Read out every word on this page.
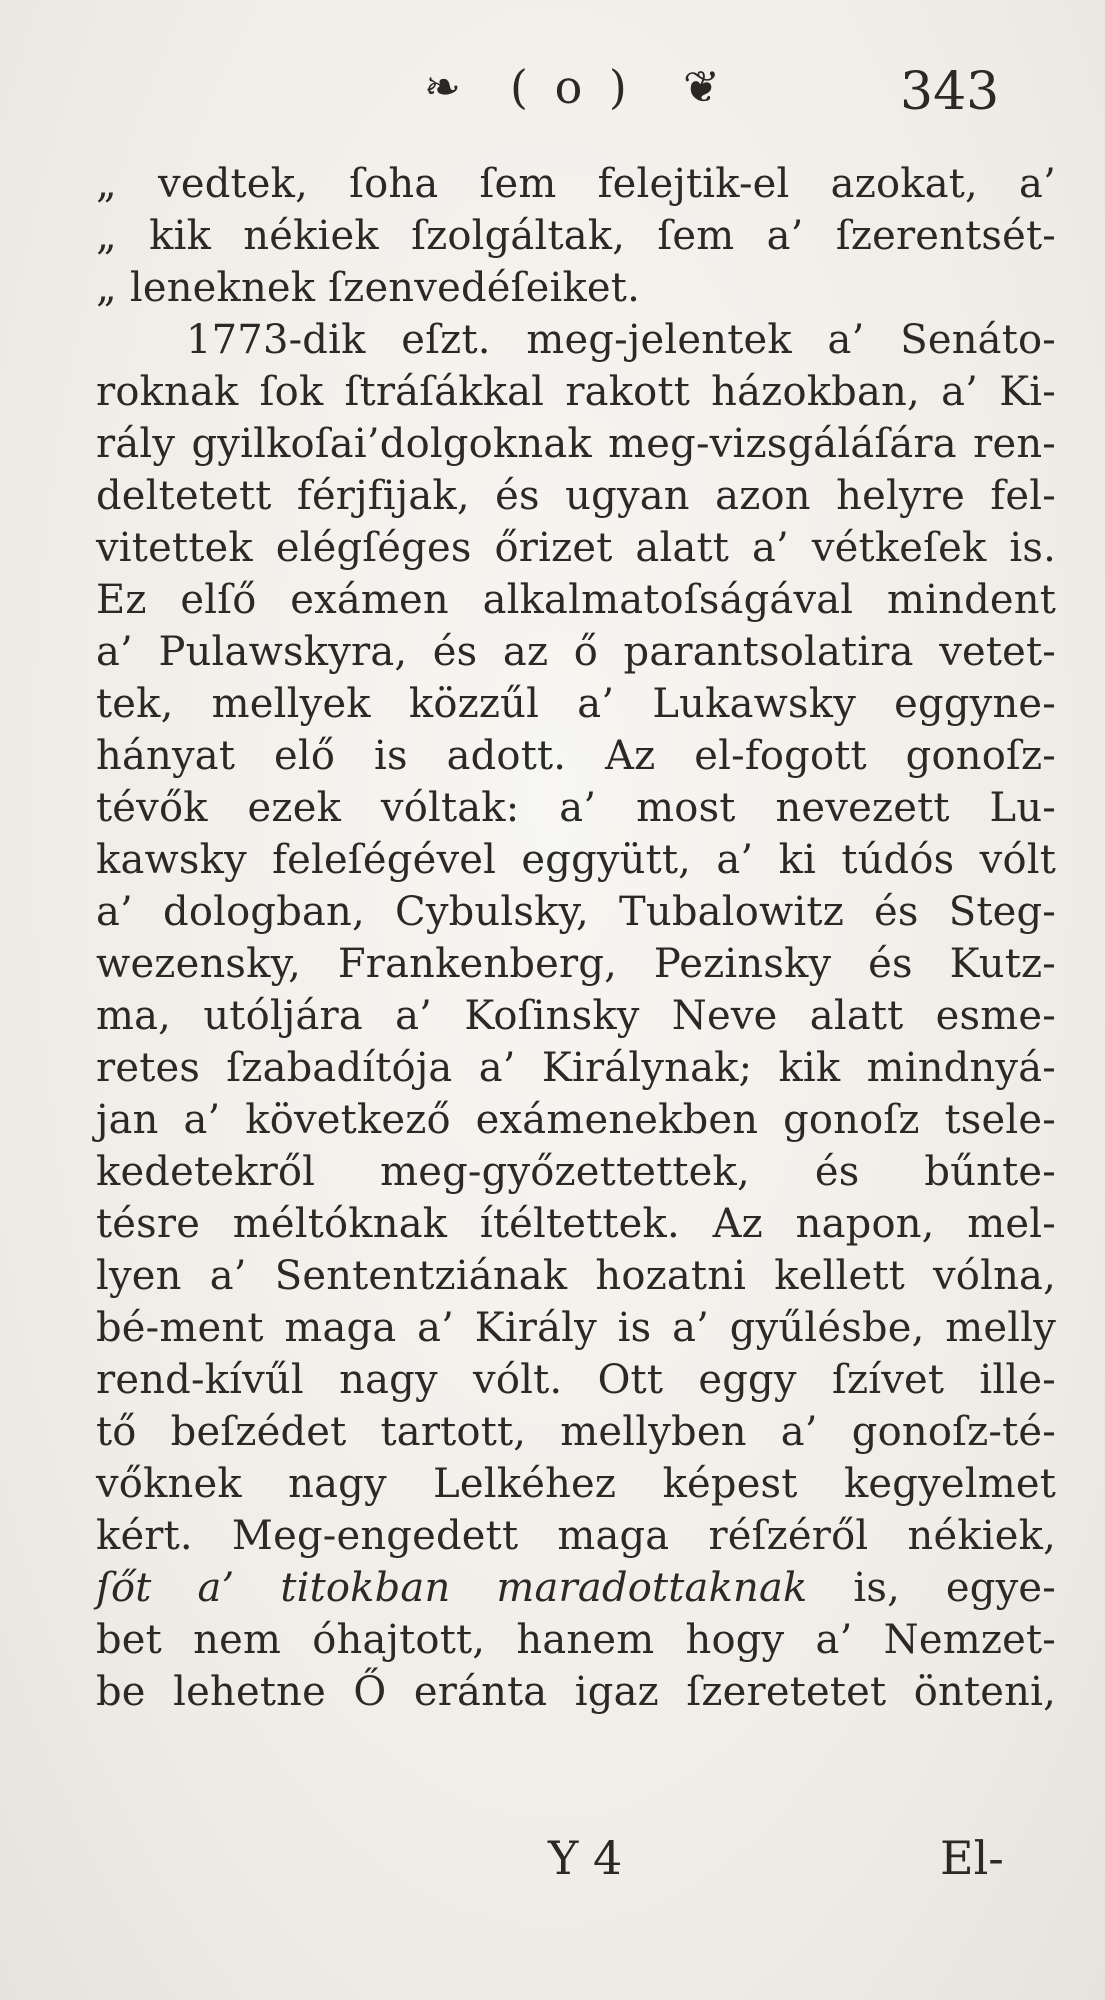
❧ ( o ) ❦	343
„ vedtek, ſoha ſem felejtik-el azokat, a’
„ kik nékiek ſzolgáltak, ſem a’ ſzerentsét-
„ leneknek ſzenvedéſeiket.
1773-dik eſzt. meg-jelentek a’ Senáto-
roknak ſok ſtráſákkal rakott házokban, a’ Ki-
rály gyilkoſai’dolgoknak meg-vizsgáláſára ren-
deltetett férjfijak, és ugyan azon helyre fel-
vitettek elégſéges őrizet alatt a’ vétkeſek is.
Ez elſő exámen alkalmatoſságával mindent
a’ Pulawskyra, és az ő parantsolatira vetet-
tek, mellyek közzűl a’ Lukawsky eggyne-
hányat elő is adott. Az el-fogott gonoſz-
tévők ezek vóltak: a’ most nevezett Lu-
kawsky feleſégével eggyütt, a’ ki túdós vólt
a’ dologban, Cybulsky, Tubalowitz és Steg-
wezensky, Frankenberg, Pezinsky és Kutz-
ma, utóljára a’ Koſinsky Neve alatt esme-
retes ſzabadítója a’ Királynak; kik mindnyá-
jan a’ következő exámenekben gonoſz tsele-
kedetekről meg-győzettettek, és bűnte-
tésre méltóknak ítéltettek. Az napon, mel-
lyen a’ Sententziának hozatni kellett vólna,
bé-ment maga a’ Király is a’ gyűlésbe, melly
rend-kívűl nagy vólt. Ott eggy ſzívet ille-
tő beſzédet tartott, mellyben a’ gonoſz-té-
vőknek nagy Lelkéhez képest kegyelmet
kért. Meg-engedett maga réſzéről nékiek,
ſőt a’ titokban maradottaknak is, egye-
bet nem óhajtott, hanem hogy a’ Nemzet-
be lehetne Ő eránta igaz ſzeretetet önteni,
Y 4	El-
